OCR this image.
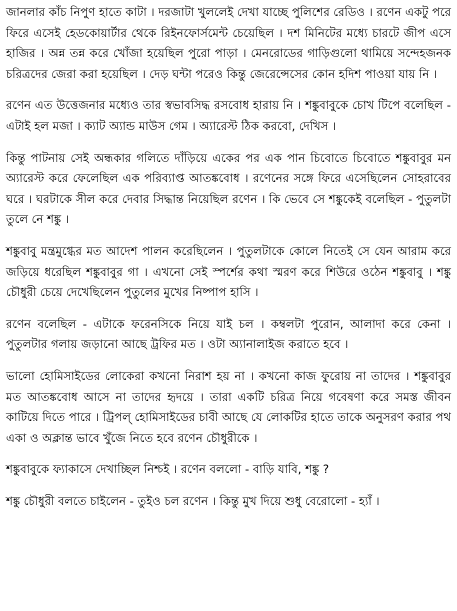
জানলার কাঁচ নিপুণ হাতে কাটা । দরজাটা খুললেই দেখা যাচ্ছে পুলিশের রেডিও । রণেন একটু পরে ফিরে এসেই হেডকোয়ার্টার থেকে রিইনফোর্সমেন্ট চেয়েছিল । দশ মিনিটের মধ্যে চারটে জীপ এসে হাজির । অন্ন তন্ন করে খোঁজা হয়েছিল পুরো পাড়া । মেনরোডের গাড়িগুলো থামিয়ে সন্দেহজনক চরিত্রদের জেরা করা হয়েছিল । দেড় ঘন্টা পরেও কিন্তু জেরেন্সেসের কোন হদিশ পাওয়া যায় নি ।

রণেন এত উত্তেজনার মধ্যেও তার স্বভাবসিদ্ধ রসবোধ হারায় নি । শঙ্কুবাবুকে চোখ টিপে বলেছিল - এটাই হল মজা । ক্যাট অ্যান্ড মাউস গেম । অ্যারেস্ট ঠিক করবো, দেখিস ।

কিন্তু পাটনায় সেই অন্ধকার গলিতে দাঁড়িয়ে একের পর এক পান চিবোতে চিবোতে শঙ্কুবাবুর মন অ্যারেস্ট করে ফেলেছিল এক পরিব্যাপ্ত আতঙ্কবোধ । রণেনের সঙ্গে ফিরে এসেছিলেন সোহরাবের ঘরে । ঘরটাকে সীল করে দেবার সিদ্ধান্ত নিয়েছিল রণেন । কি ভেবে সে শঙ্কুকেই বলেছিল - পুতুলটা তুলে নে শঙ্কু ।

শঙ্কুবাবু মন্ত্রমুগ্ধের মত আদেশ পালন করেছিলেন । পুতুলটাকে কোলে নিতেই সে যেন আরাম করে জড়িয়ে ধরেছিল শঙ্কুবাবুর গা । এখনো সেই স্পর্শের কথা স্মরণ করে শিউরে ওঠেন শঙ্কুবাবু । শঙ্কু চৌধুরী চেয়ে দেখেছিলেন পুতুলের মুখের নিষ্পাপ হাসি ।

রণেন বলেছিল - এটাকে ফরেনসিকে নিয়ে যাই চল । কম্বলটা পুরোন, আলাদা করে কেনা । পুতুলটার গলায় জড়ানো আছে ট্রফির মত । ওটা অ্যানালাইজ করাতে হবে ।

ভালো হোমিসাইডের লোকেরা কখনো নিরাশ হয় না । কখনো কাজ ফুরোয় না তাদের । শঙ্কুবাবুর মত আতঙ্কবোধ আসে না তাদের হৃদয়ে । তারা একটি চরিত্র নিয়ে গবেষণা করে সমস্ত জীবন কাটিয়ে দিতে পারে । ট্রিপল্ হোমিসাইডের চাবী আছে যে লোকটির হাতে তাকে অনুসরণ করার পথ একা ও অক্লান্ত ভাবে খুঁজে নিতে হবে রণেন চৌধুরীকে ।

শঙ্কুবাবুকে ফ্যাকাসে দেখাচ্ছিল নিশ্চই । রণেন বললো - বাড়ি যাবি, শঙ্কু ?

শঙ্কু চৌধুরী বলতে চাইলেন - তুইও চল রণেন । কিন্তু মুখ দিয়ে শুধু বেরোলো - হ্যাঁ ।
